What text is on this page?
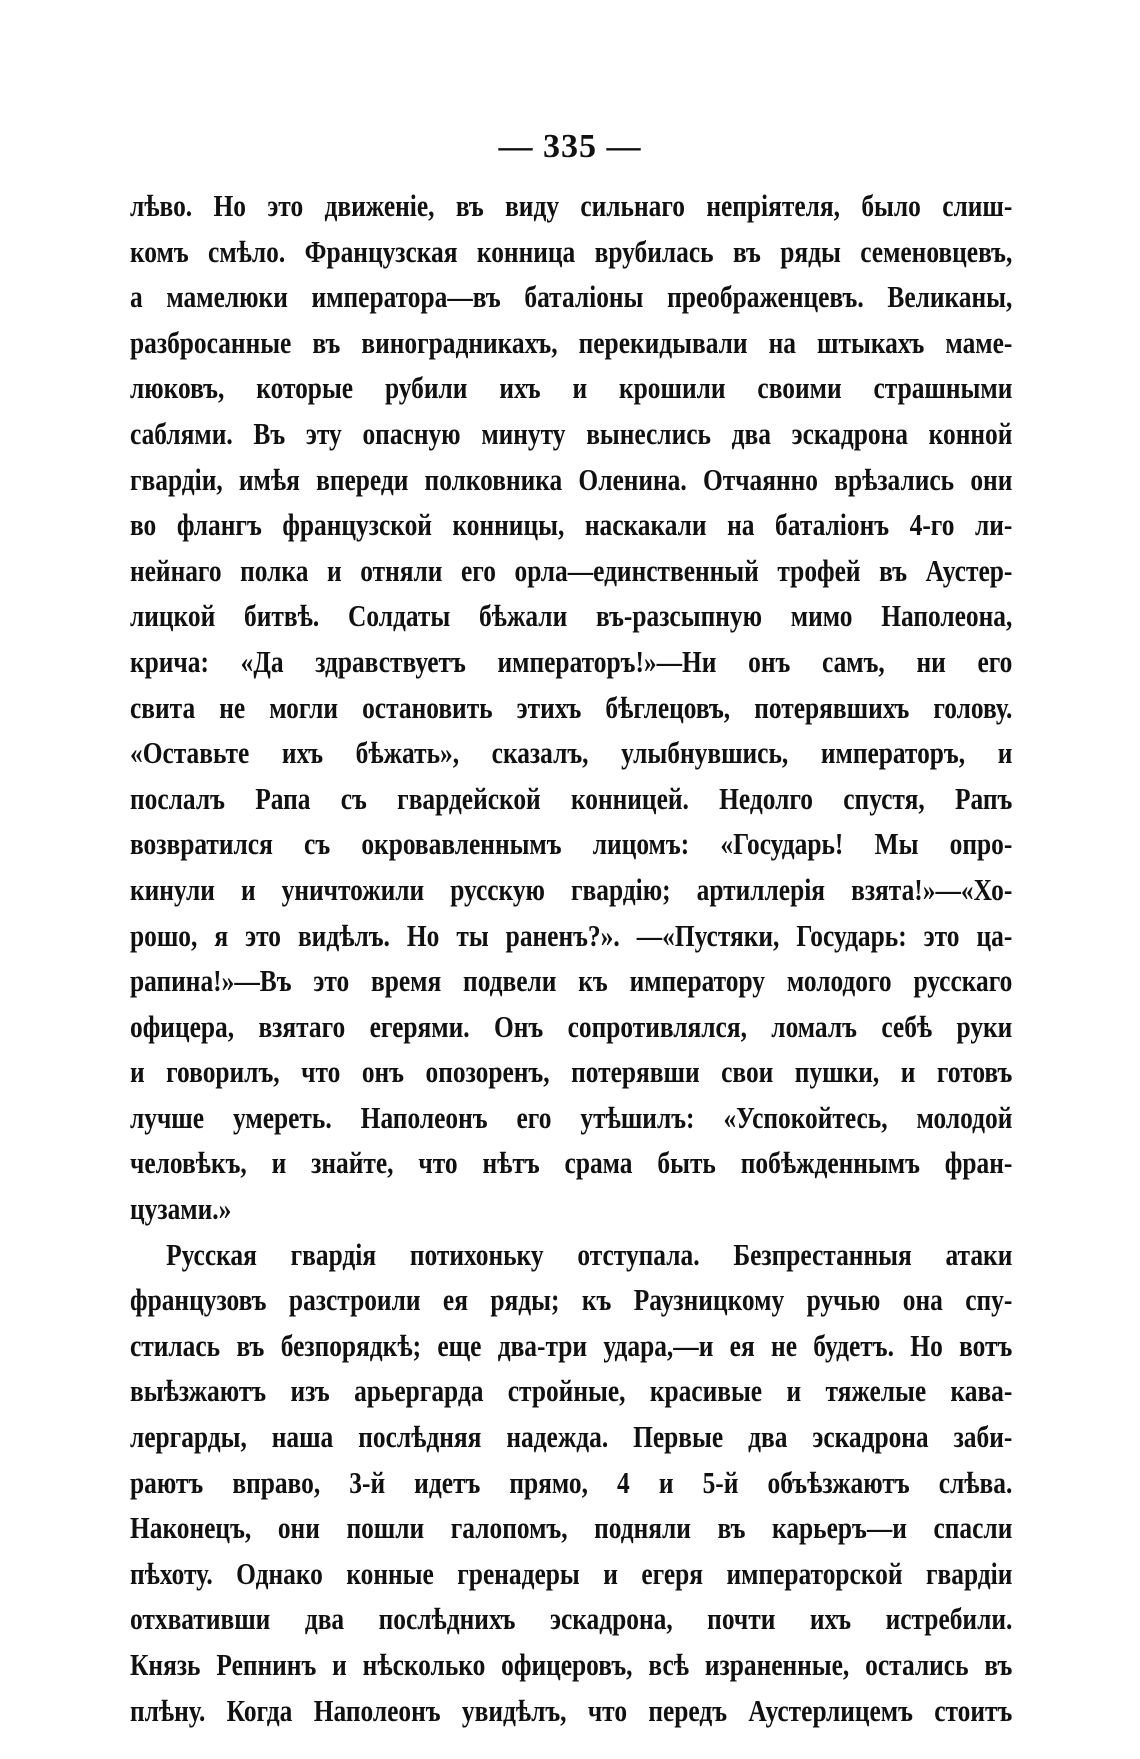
— 335 —
лѣво. Но это движеніе, въ виду сильнаго непріятеля, было слиш-
комъ смѣло. Французская конница врубилась въ ряды семеновцевъ,
а мамелюки императора—въ баталіоны преображенцевъ. Великаны,
разбросанные въ виноградникахъ, перекидывали на штыкахъ маме-
люковъ, которые рубили ихъ и крошили своими страшными
саблями. Въ эту опасную минуту вынеслись два эскадрона конной
гвардіи, имѣя впереди полковника Оленина. Отчаянно врѣзались они
во флангъ французской конницы, наскакали на баталіонъ 4-го ли-
нейнаго полка и отняли его орла—единственный трофей въ Аустер-
лицкой битвѣ. Солдаты бѣжали въ-разсыпную мимо Наполеона,
крича: «Да здравствуетъ императоръ!»—Ни онъ самъ, ни его
свита не могли остановить этихъ бѣглецовъ, потерявшихъ голову.
«Оставьте ихъ бѣжать», сказалъ, улыбнувшись, императоръ, и
послалъ Рапа съ гвардейской конницей. Недолго спустя, Рапъ
возвратился съ окровавленнымъ лицомъ: «Государь! Мы опро-
кинули и уничтожили русскую гвардію; артиллерія взята!»—«Хо-
рошо, я это видѣлъ. Но ты раненъ?». —«Пустяки, Государь: это ца-
рапина!»—Въ это время подвели къ императору молодого русскаго
офицера, взятаго егерями. Онъ сопротивлялся, ломалъ себѣ руки
и говорилъ, что онъ опозоренъ, потерявши свои пушки, и готовъ
лучше умереть. Наполеонъ его утѣшилъ: «Успокойтесь, молодой
человѣкъ, и знайте, что нѣтъ срама быть побѣжденнымъ фран-
цузами.»
Русская гвардія потихоньку отступала. Безпрестанныя атаки
французовъ разстроили ея ряды; къ Раузницкому ручью она спу-
стилась въ безпорядкѣ; еще два-три удара,—и ея не будетъ. Но вотъ
выѣзжаютъ изъ арьергарда стройные, красивые и тяжелые кава-
лергарды, наша послѣдняя надежда. Первые два эскадрона заби-
раютъ вправо, 3-й идетъ прямо, 4 и 5-й объѣзжаютъ слѣва.
Наконецъ, они пошли галопомъ, подняли въ карьеръ—и спасли
пѣхоту. Однако конные гренадеры и егеря императорской гвардіи
отхвативши два послѣднихъ эскадрона, почти ихъ истребили.
Князь Репнинъ и нѣсколько офицеровъ, всѣ израненные, остались въ
плѣну. Когда Наполеонъ увидѣлъ, что передъ Аустерлицемъ стоитъ
